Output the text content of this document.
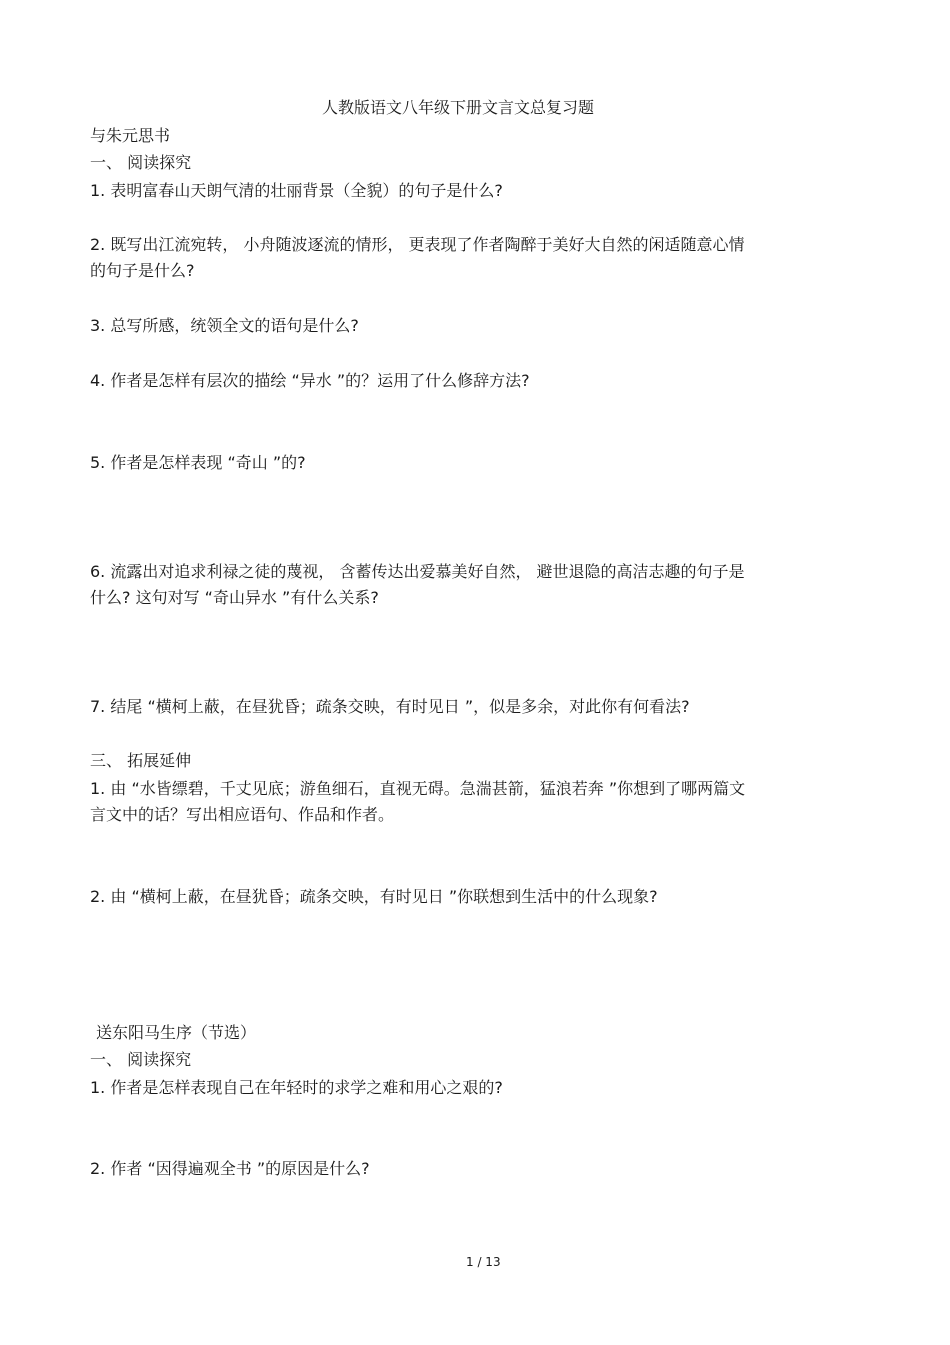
人教版语文八年级下册文言文总复习题
与朱元思书
一、 阅读探究
1. 表明富春山天朗气清的壮丽背景（全貌）的句子是什么?
2. 既写出江流宛转， 小舟随波逐流的情形， 更表现了作者陶醉于美好大自然的闲适随意心情
的句子是什么?
3. 总写所感，统领全文的语句是什么?
4. 作者是怎样有层次的描绘 “异水 ”的？运用了什么修辞方法?
5. 作者是怎样表现 “奇山 ”的?
6. 流露出对追求利禄之徒的蔑视， 含蓄传达出爱慕美好自然， 避世退隐的高洁志趣的句子是
什么? 这句对写 “奇山异水 ”有什么关系?
7. 结尾 “横柯上蔽，在昼犹昏；疏条交映，有时见日 ”，似是多余，对此你有何看法?
三、 拓展延伸
1. 由 “水皆缥碧，千丈见底；游鱼细石，直视无碍。急湍甚箭，猛浪若奔 ”你想到了哪两篇文
言文中的话？写出相应语句、作品和作者。
2. 由 “横柯上蔽，在昼犹昏；疏条交映，有时见日 ”你联想到生活中的什么现象?
送东阳马生序（节选）
一、 阅读探究
1. 作者是怎样表现自己在年轻时的求学之难和用心之艰的?
2. 作者 “因得遍观全书 ”的原因是什么?
1 / 13
